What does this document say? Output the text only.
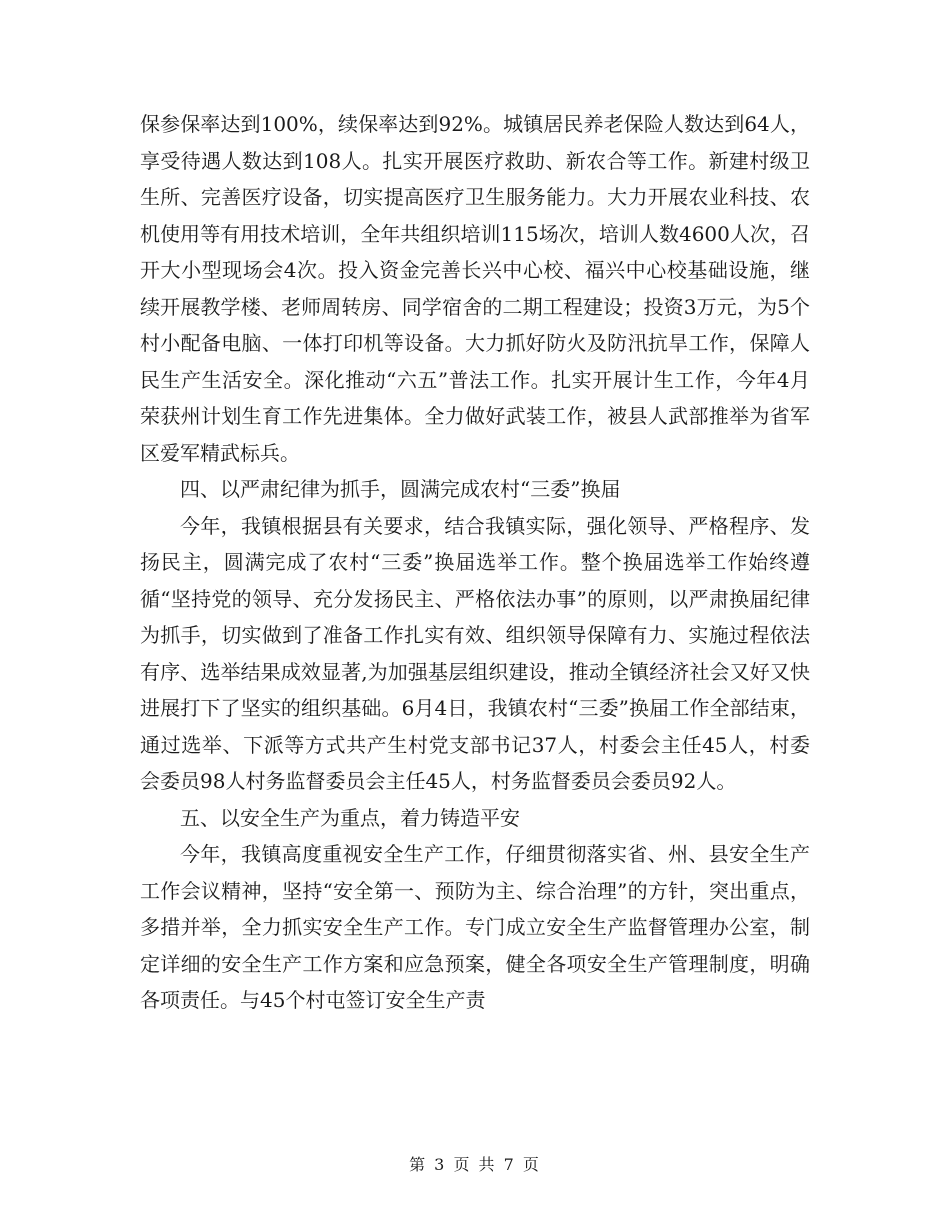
保参保率达到100%，续保率达到92%。城镇居民养老保险人数达到64人，享受待遇人数达到108人。扎实开展医疗救助、新农合等工作。新建村级卫生所、完善医疗设备，切实提高医疗卫生服务能力。大力开展农业科技、农机使用等有用技术培训，全年共组织培训115场次，培训人数4600人次，召开大小型现场会4次。投入资金完善长兴中心校、福兴中心校基础设施，继续开展教学楼、老师周转房、同学宿舍的二期工程建设；投资3万元，为5个村小配备电脑、一体打印机等设备。大力抓好防火及防汛抗旱工作，保障人民生产生活安全。深化推动“六五”普法工作。扎实开展计生工作，今年4月荣获州计划生育工作先进集体。全力做好武装工作，被县人武部推举为省军区爱军精武标兵。

四、以严肃纪律为抓手，圆满完成农村“三委”换届

今年，我镇根据县有关要求，结合我镇实际，强化领导、严格程序、发扬民主，圆满完成了农村“三委”换届选举工作。整个换届选举工作始终遵循“坚持党的领导、充分发扬民主、严格依法办事”的原则，以严肃换届纪律为抓手，切实做到了准备工作扎实有效、组织领导保障有力、实施过程依法有序、选举结果成效显著,为加强基层组织建设，推动全镇经济社会又好又快进展打下了坚实的组织基础。6月4日，我镇农村“三委”换届工作全部结束，通过选举、下派等方式共产生村党支部书记37人，村委会主任45人，村委会委员98人村务监督委员会主任45人，村务监督委员会委员92人。

五、以安全生产为重点，着力铸造平安

今年，我镇高度重视安全生产工作，仔细贯彻落实省、州、县安全生产工作会议精神，坚持“安全第一、预防为主、综合治理”的方针，突出重点，多措并举，全力抓实安全生产工作。专门成立安全生产监督管理办公室，制定详细的安全生产工作方案和应急预案，健全各项安全生产管理制度，明确各项责任。与45个村屯签订安全生产责

第 3 页 共 7 页
